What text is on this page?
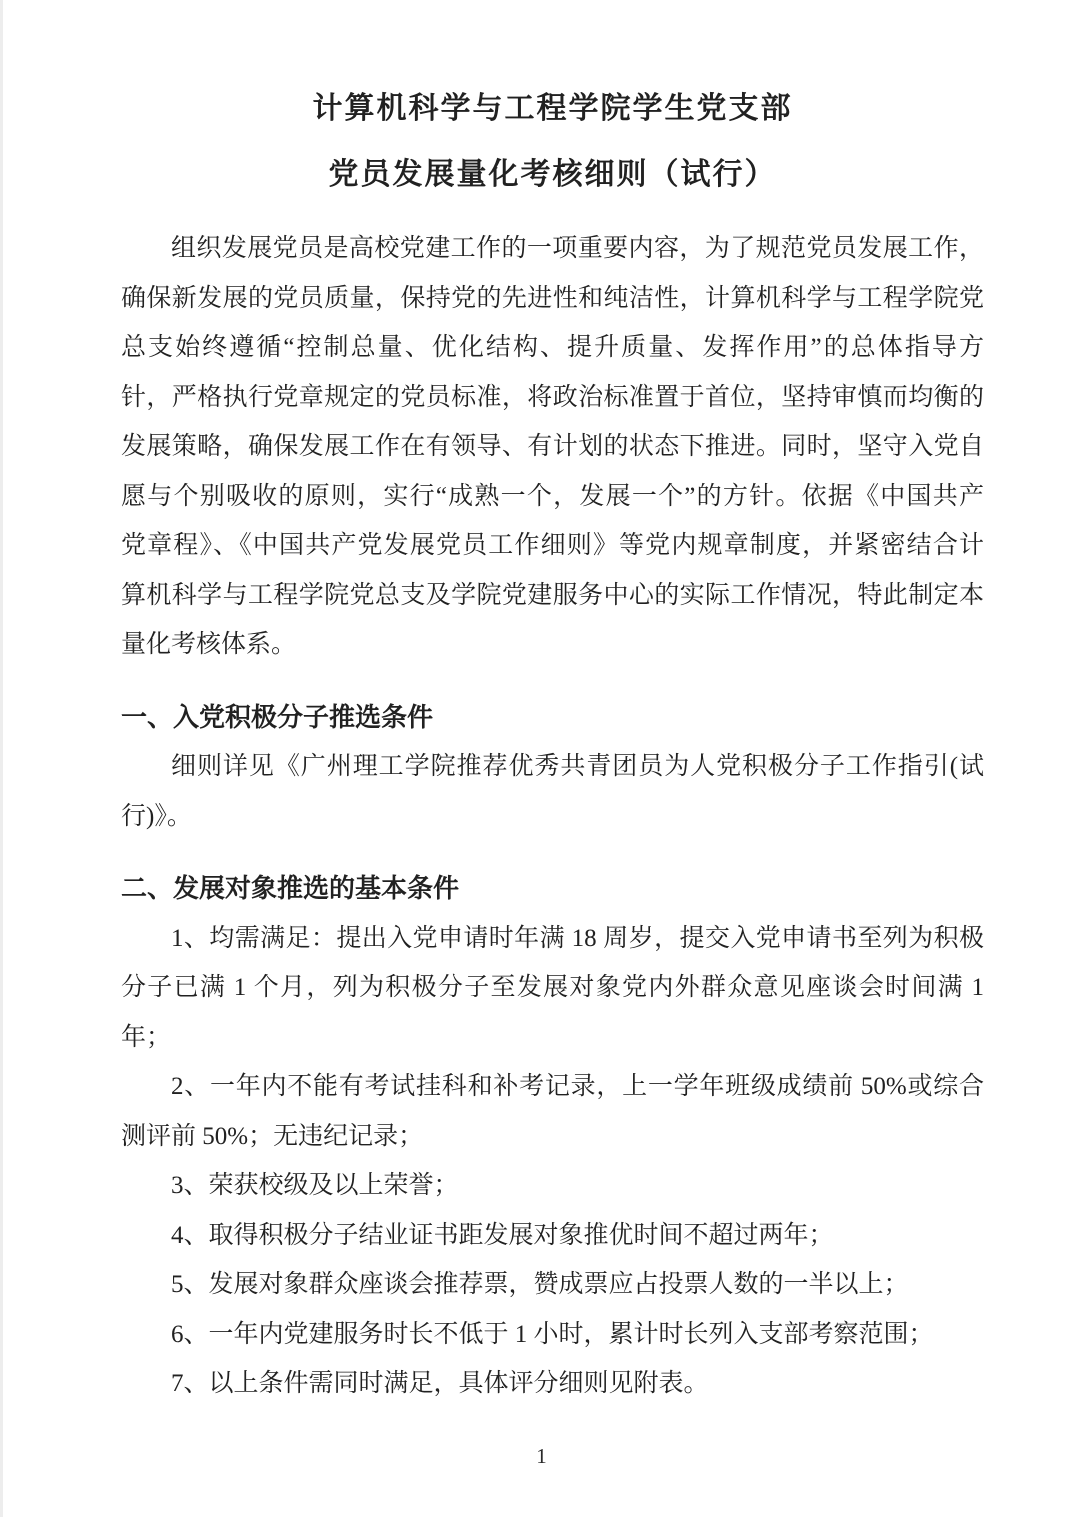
计算机科学与工程学院学生党支部
党员发展量化考核细则（试行）
组织发展党员是高校党建工作的一项重要内容，为了规范党员发展工作，
确保新发展的党员质量，保持党的先进性和纯洁性，计算机科学与工程学院党
总支始终遵循“控制总量、优化结构、提升质量、发挥作用”的总体指导方
针，严格执行党章规定的党员标准，将政治标准置于首位，坚持审慎而均衡的
发展策略，确保发展工作在有领导、有计划的状态下推进。同时，坚守入党自
愿与个别吸收的原则，实行“成熟一个，发展一个”的方针。依据《中国共产
党章程》、《中国共产党发展党员工作细则》等党内规章制度，并紧密结合计
算机科学与工程学院党总支及学院党建服务中心的实际工作情况，特此制定本
量化考核体系。
一、入党积极分子推选条件
细则详见《广州理工学院推荐优秀共青团员为人党积极分子工作指引(试
行)》。
二、发展对象推选的基本条件
1、均需满足：提出入党申请时年满 18 周岁，提交入党申请书至列为积极
分子已满 1 个月，列为积极分子至发展对象党内外群众意见座谈会时间满 1
年；
2、一年内不能有考试挂科和补考记录，上一学年班级成绩前 50%或综合
测评前 50%；无违纪记录；
3、荣获校级及以上荣誉；
4、取得积极分子结业证书距发展对象推优时间不超过两年；
5、发展对象群众座谈会推荐票，赞成票应占投票人数的一半以上；
6、一年内党建服务时长不低于 1 小时，累计时长列入支部考察范围；
7、以上条件需同时满足，具体评分细则见附表。
1
